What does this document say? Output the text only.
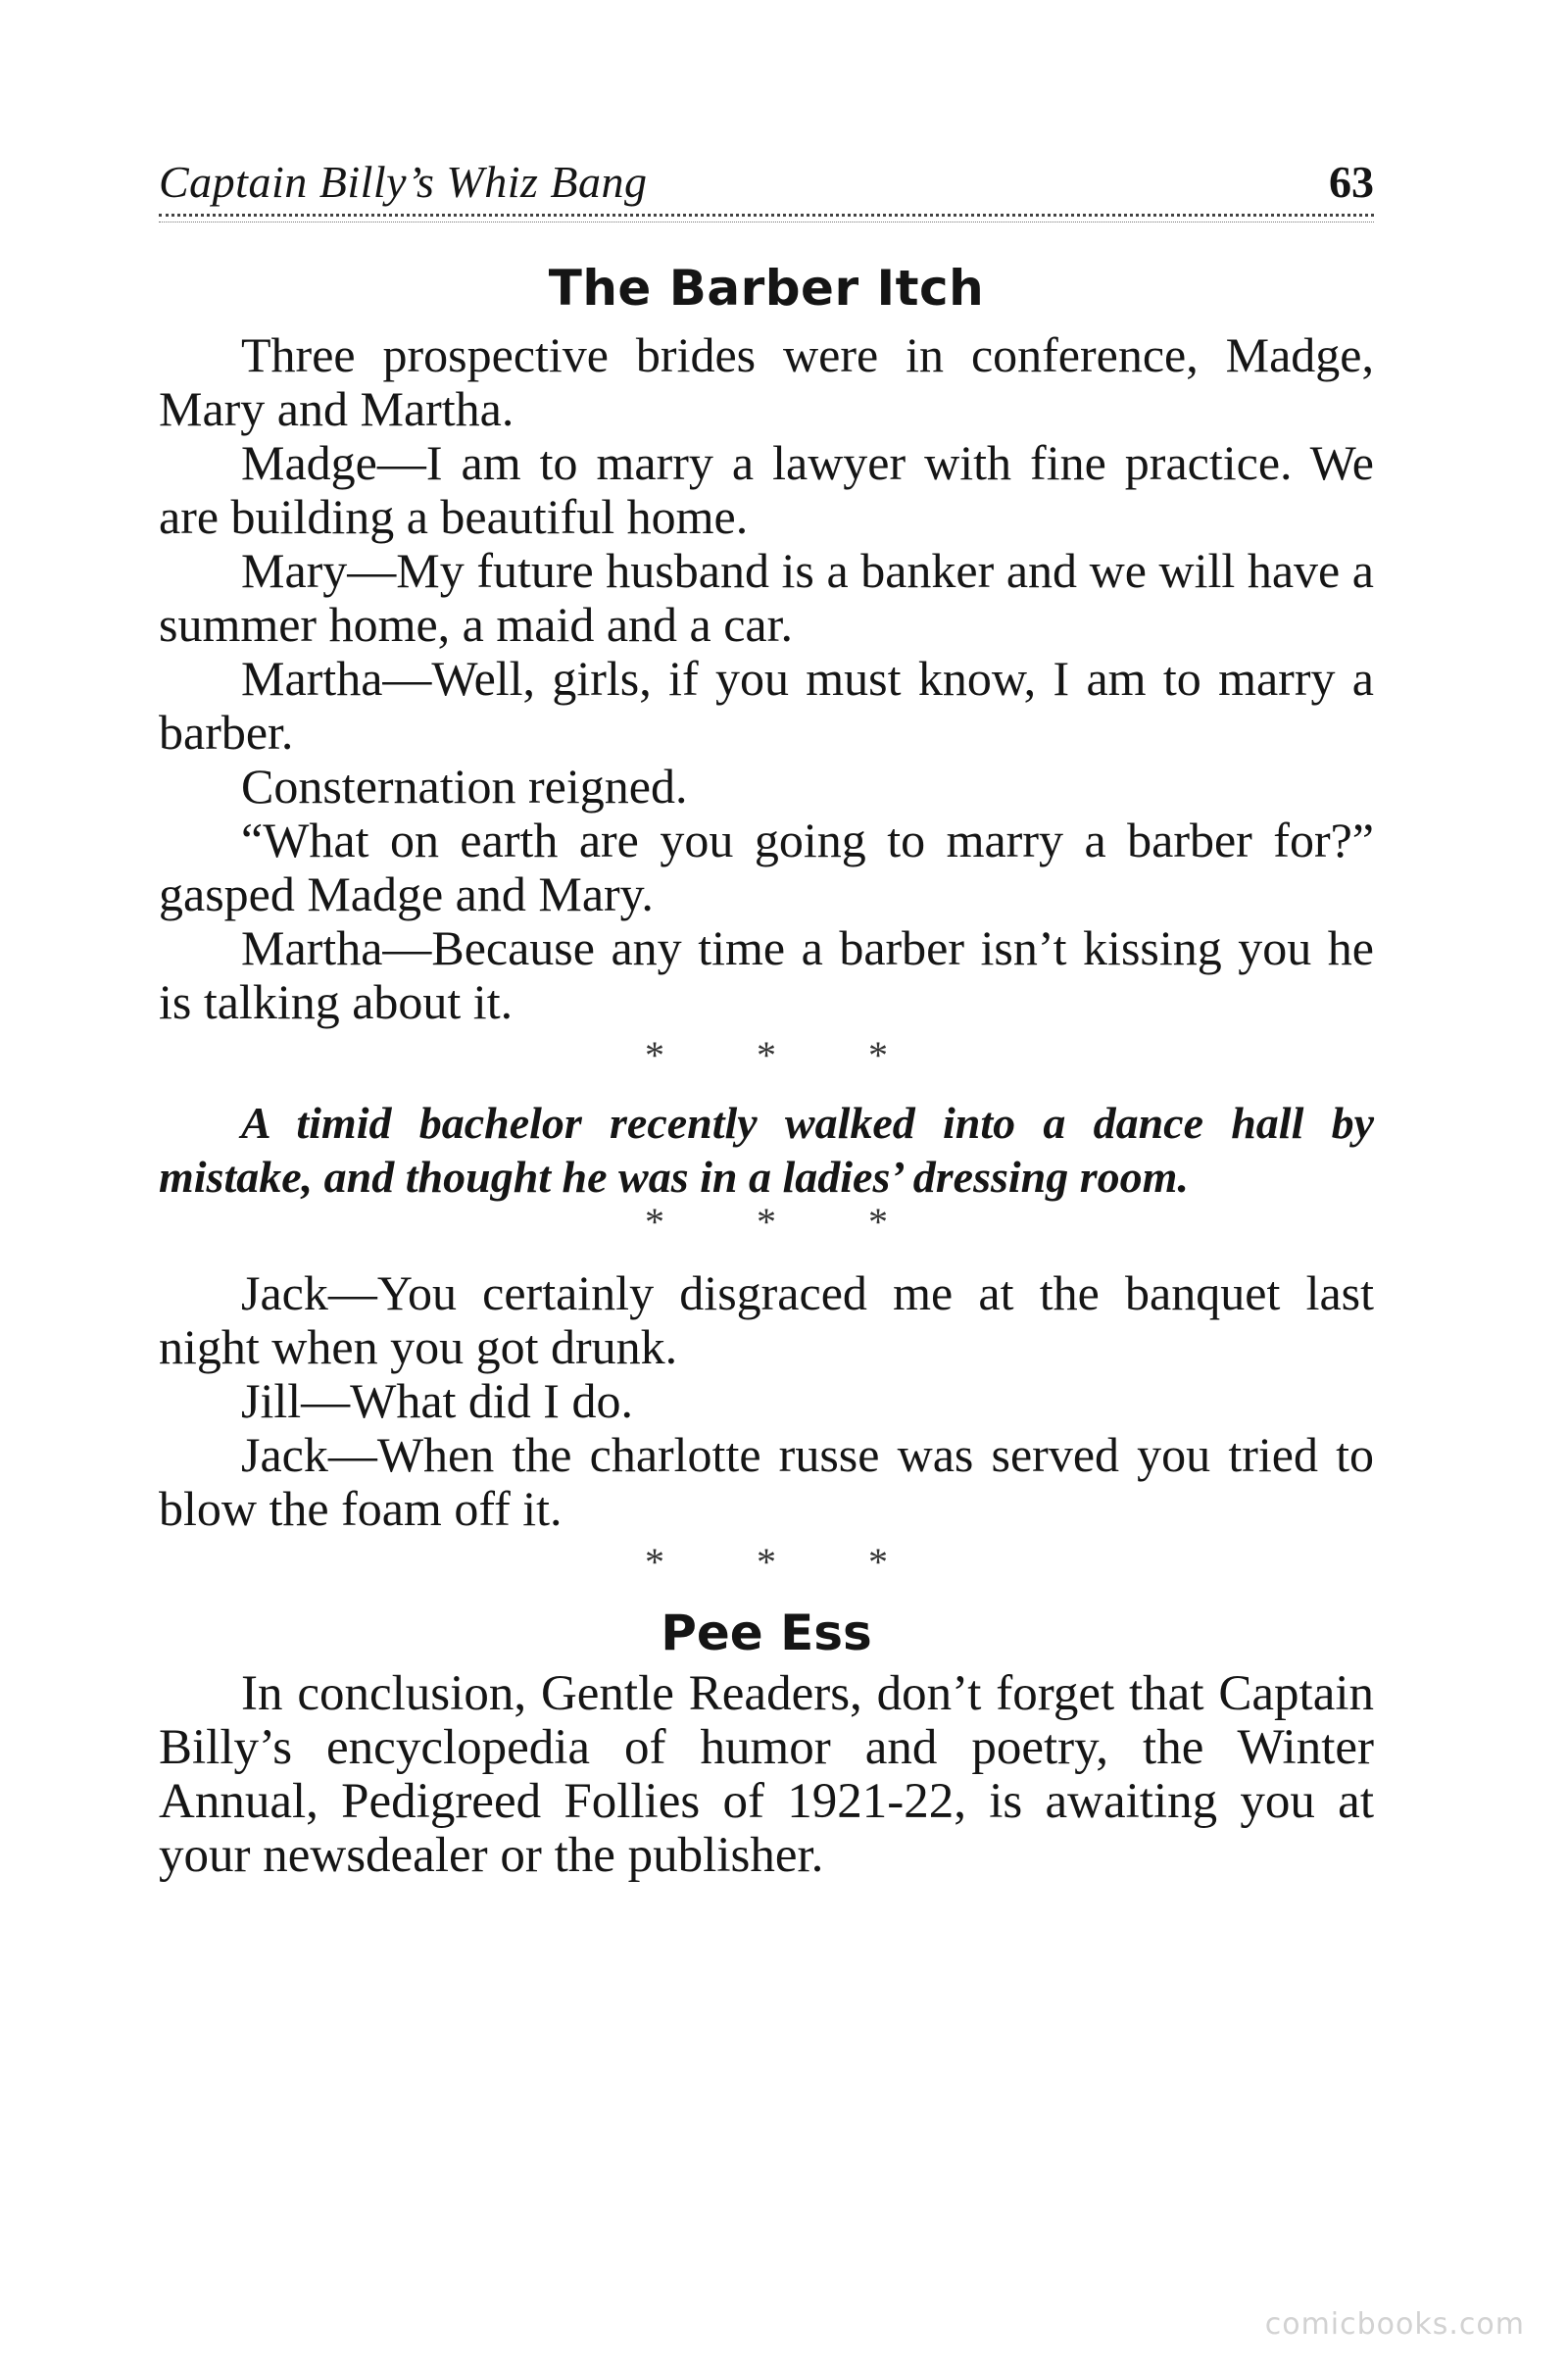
Captain Billy’s Whiz Bang	63
The Barber Itch

Three prospective brides were in conference, Madge, Mary and Martha.

Madge—I am to marry a lawyer with fine practice. We are building a beautiful home.

Mary—My future husband is a banker and we will have a summer home, a maid and a car.

Martha—Well, girls, if you must know, I am to marry a barber.

Consternation reigned.

“What on earth are you going to marry a barber for?” gasped Madge and Mary.

Martha—Because any time a barber isn’t kissing you he is talking about it.

* * *

A timid bachelor recently walked into a dance hall by mistake, and thought he was in a ladies’ dressing room.

* * *

Jack—You certainly disgraced me at the banquet last night when you got drunk.

Jill—What did I do.

Jack—When the charlotte russe was served you tried to blow the foam off it.

* * *
Pee Ess

In conclusion, Gentle Readers, don’t forget that Captain Billy’s encyclopedia of humor and poetry, the Winter Annual, Pedigreed Follies of 1921-22, is awaiting you at your newsdealer or the publisher.

comicbooks.com
